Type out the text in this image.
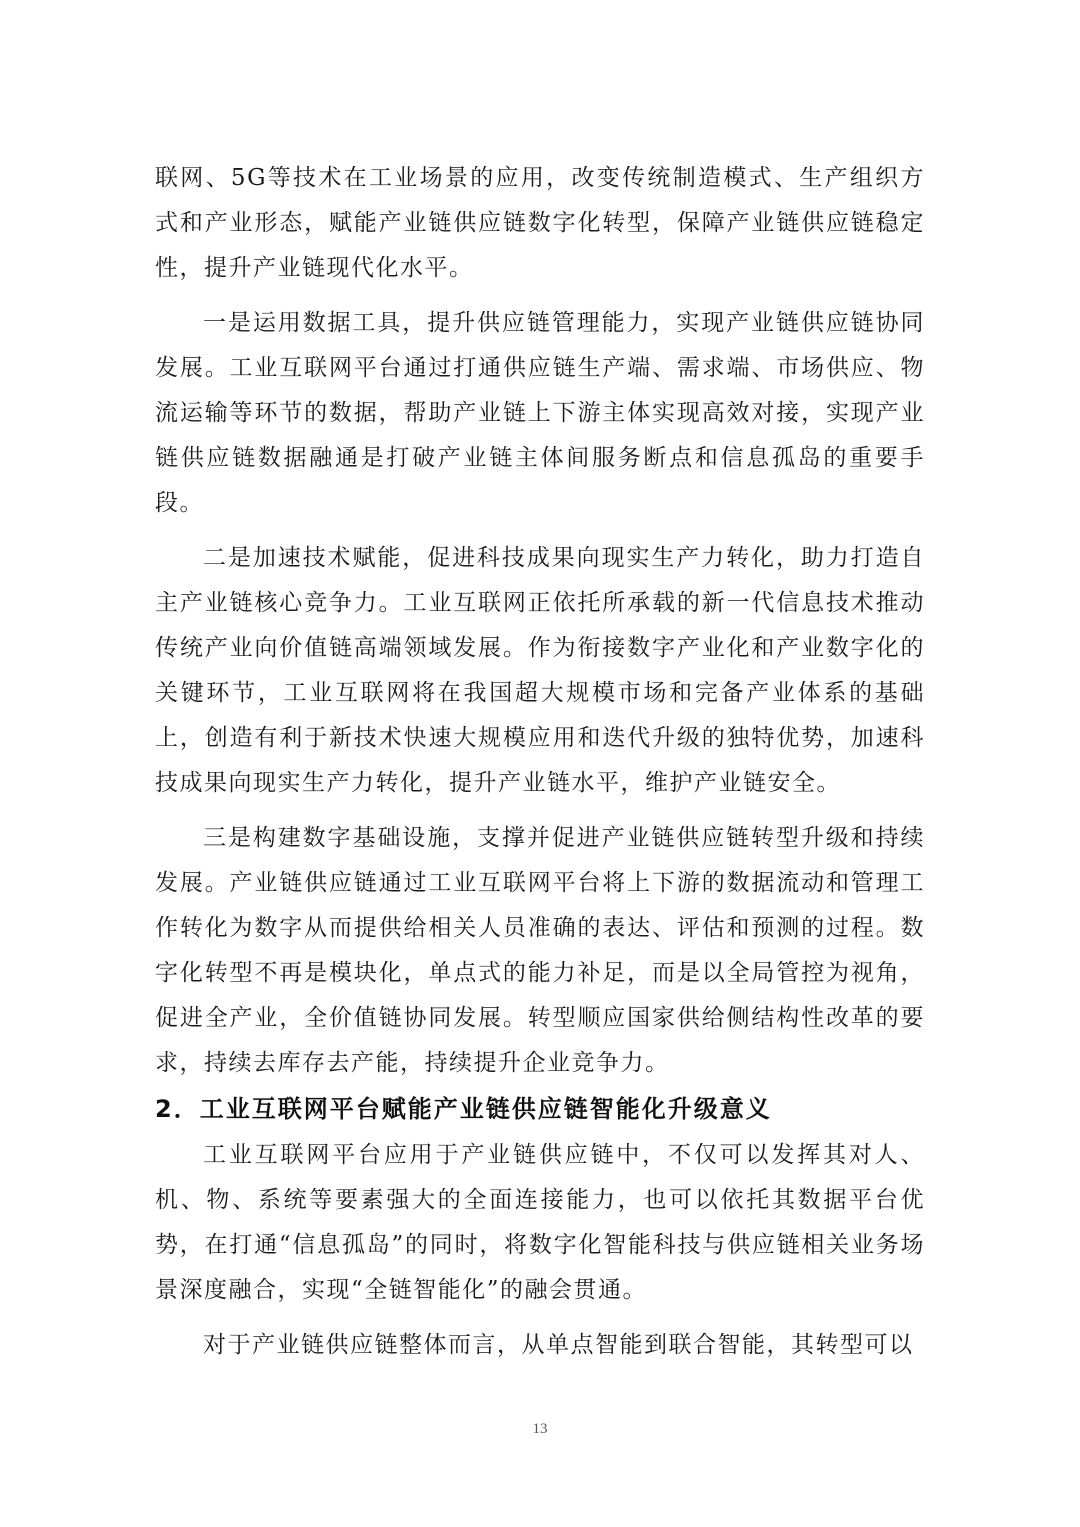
联网、5G等技术在工业场景的应用，改变传统制造模式、生产组织方式和产业形态，赋能产业链供应链数字化转型，保障产业链供应链稳定性，提升产业链现代化水平。

一是运用数据工具，提升供应链管理能力，实现产业链供应链协同发展。工业互联网平台通过打通供应链生产端、需求端、市场供应、物流运输等环节的数据，帮助产业链上下游主体实现高效对接，实现产业链供应链数据融通是打破产业链主体间服务断点和信息孤岛的重要手段。

二是加速技术赋能，促进科技成果向现实生产力转化，助力打造自主产业链核心竞争力。工业互联网正依托所承载的新一代信息技术推动传统产业向价值链高端领域发展。作为衔接数字产业化和产业数字化的关键环节，工业互联网将在我国超大规模市场和完备产业体系的基础上，创造有利于新技术快速大规模应用和迭代升级的独特优势，加速科技成果向现实生产力转化，提升产业链水平，维护产业链安全。

三是构建数字基础设施，支撑并促进产业链供应链转型升级和持续发展。产业链供应链通过工业互联网平台将上下游的数据流动和管理工作转化为数字从而提供给相关人员准确的表达、评估和预测的过程。数字化转型不再是模块化，单点式的能力补足，而是以全局管控为视角，促进全产业，全价值链协同发展。转型顺应国家供给侧结构性改革的要求，持续去库存去产能，持续提升企业竞争力。

2．工业互联网平台赋能产业链供应链智能化升级意义

工业互联网平台应用于产业链供应链中，不仅可以发挥其对人、机、物、系统等要素强大的全面连接能力，也可以依托其数据平台优势，在打通“信息孤岛”的同时，将数字化智能科技与供应链相关业务场景深度融合，实现“全链智能化”的融会贯通。

对于产业链供应链整体而言，从单点智能到联合智能，其转型可以

13
